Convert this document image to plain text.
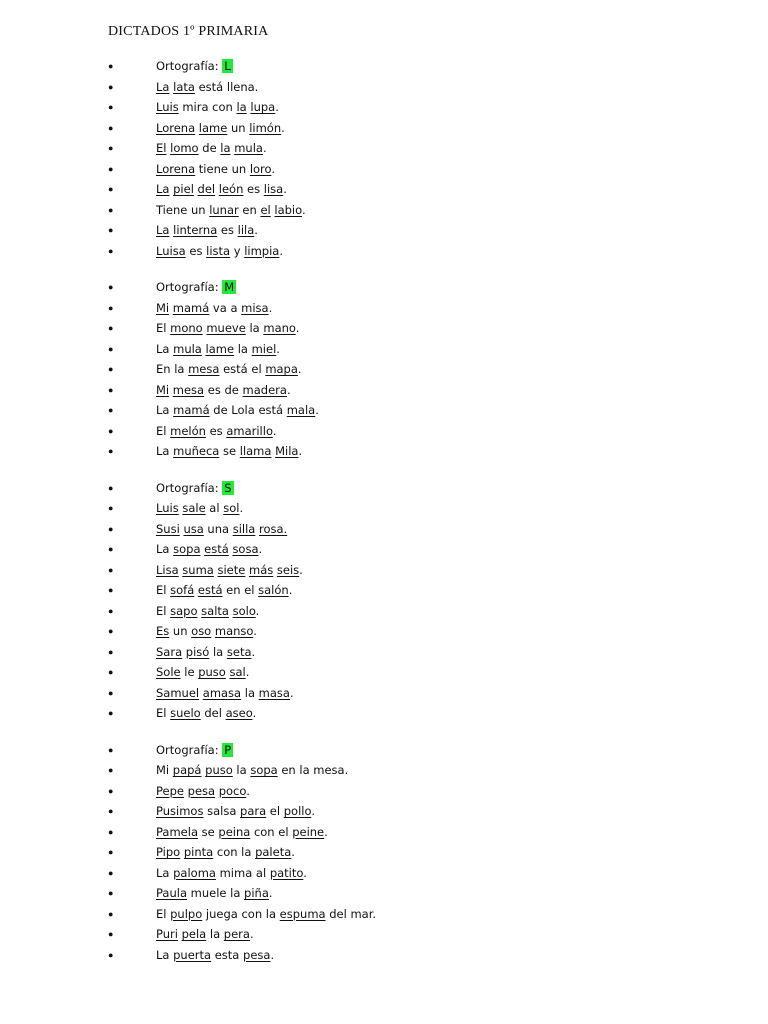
DICTADOS 1º PRIMARIA
●	Ortografía: L
●	La lata está llena.
●	Luis mira con la lupa.
●	Lorena lame un limón.
●	El lomo de la mula.
●	Lorena tiene un loro.
●	La piel del león es lisa.
●	Tiene un lunar en el labio.
●	La linterna es lila.
●	Luisa es lista y limpia.
●	Ortografía: M
●	Mi mamá va a misa.
●	El mono mueve la mano.
●	La mula lame la miel.
●	En la mesa está el mapa.
●	Mi mesa es de madera.
●	La mamá de Lola está mala.
●	El melón es amarillo.
●	La muñeca se llama Mila.
●	Ortografía: S
●	Luis sale al sol.
●	Susi usa una silla rosa.
●	La sopa está sosa.
●	Lisa suma siete más seis.
●	El sofá está en el salón.
●	El sapo salta solo.
●	Es un oso manso.
●	Sara pisó la seta.
●	Sole le puso sal.
●	Samuel amasa la masa.
●	El suelo del aseo.
●	Ortografía: P
●	Mi papá puso la sopa en la mesa.
●	Pepe pesa poco.
●	Pusimos salsa para el pollo.
●	Pamela se peina con el peine.
●	Pipo pinta con la paleta.
●	La paloma mima al patito.
●	Paula muele la piña.
●	El pulpo juega con la espuma del mar.
●	Puri pela la pera.
●	La puerta esta pesa.
